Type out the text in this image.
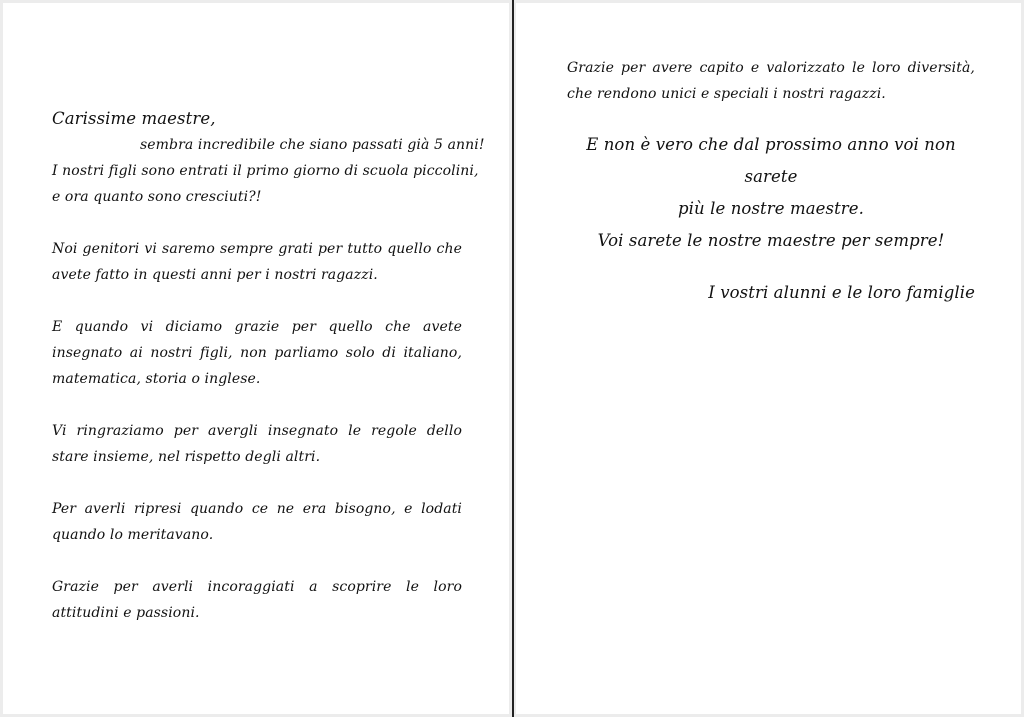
Carissime maestre,
sembra incredibile che siano passati già 5 anni!
I nostri figli sono entrati il primo giorno di scuola piccolini,
e ora quanto sono cresciuti?!
Noi genitori vi saremo sempre grati per tutto quello che avete fatto in questi anni per i nostri ragazzi.
E quando vi diciamo grazie per quello che avete insegnato ai nostri figli, non parliamo solo di italiano, matematica, storia o inglese.
Vi ringraziamo per avergli insegnato le regole dello stare insieme, nel rispetto degli altri.
Per averli ripresi quando ce ne era bisogno, e lodati quando lo meritavano.
Grazie per averli incoraggiati a scoprire le loro attitudini e passioni.
Grazie per avere capito e valorizzato le loro diversità, che rendono unici e speciali i nostri ragazzi.
E non è vero che dal prossimo anno voi non sarete
più le nostre maestre.
Voi sarete le nostre maestre per sempre!
I vostri alunni e le loro famiglie
